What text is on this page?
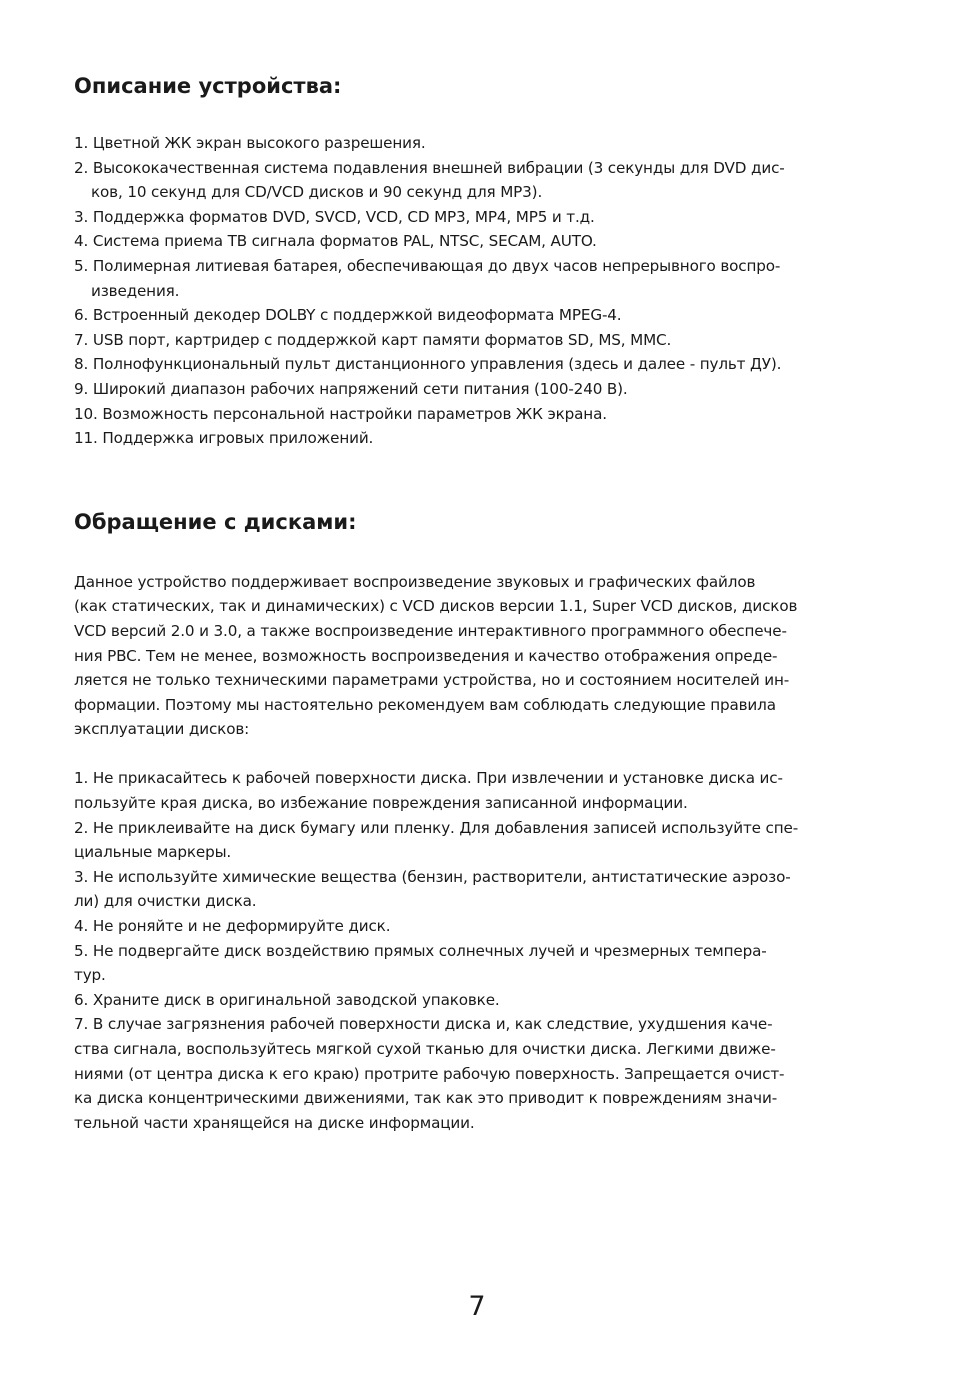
Описание устройства:
1. Цветной ЖК экран высокого разрешения.
2. Высококачественная система подавления внешней вибрации (3 секунды для DVD дис-
ков, 10 секунд для CD/VCD дисков и 90 секунд для MP3).
3. Поддержка форматов DVD, SVCD, VCD, CD MP3, MP4, MP5 и т.д.
4. Система приема ТВ сигнала форматов PAL, NTSC, SECAM, AUTO.
5. Полимерная литиевая батарея, обеспечивающая до двух часов непрерывного воспро-
изведения.
6. Встроенный декодер DOLBY с поддержкой видеоформата MPEG-4.
7. USB порт, картридер с поддержкой карт памяти форматов SD, MS, MMC.
8. Полнофункциональный пульт дистанционного управления (здесь и далее - пульт ДУ).
9. Широкий диапазон рабочих напряжений сети питания (100-240 В).
10. Возможность персональной настройки параметров ЖК экрана.
11. Поддержка игровых приложений.
Обращение с дисками:
Данное устройство поддерживает воспроизведение звуковых и графических файлов
(как статических, так и динамических) с VCD дисков версии 1.1, Super VCD дисков, дисков
VCD версий 2.0 и 3.0, а также воспроизведение интерактивного программного обеспече-
ния PBC. Тем не менее, возможность воспроизведения и качество отображения опреде-
ляется не только техническими параметрами устройства, но и состоянием носителей ин-
формации. Поэтому мы настоятельно рекомендуем вам соблюдать следующие правила
эксплуатации дисков:
1. Не прикасайтесь к рабочей поверхности диска. При извлечении и установке диска ис-
пользуйте края диска, во избежание повреждения записанной информации.
2. Не приклеивайте на диск бумагу или пленку. Для добавления записей используйте спе-
циальные маркеры.
3. Не используйте химические вещества (бензин, растворители, антистатические аэрозо-
ли) для очистки диска.
4. Не роняйте и не деформируйте диск.
5. Не подвергайте диск воздействию прямых солнечных лучей и чрезмерных темпера-
тур.
6. Храните диск в оригинальной заводской упаковке.
7. В случае загрязнения рабочей поверхности диска и, как следствие, ухудшения каче-
ства сигнала, воспользуйтесь мягкой сухой тканью для очистки диска. Легкими движе-
ниями (от центра диска к его краю) протрите рабочую поверхность. Запрещается очист-
ка диска концентрическими движениями, так как это приводит к повреждениям значи-
тельной части хранящейся на диске информации.
7
